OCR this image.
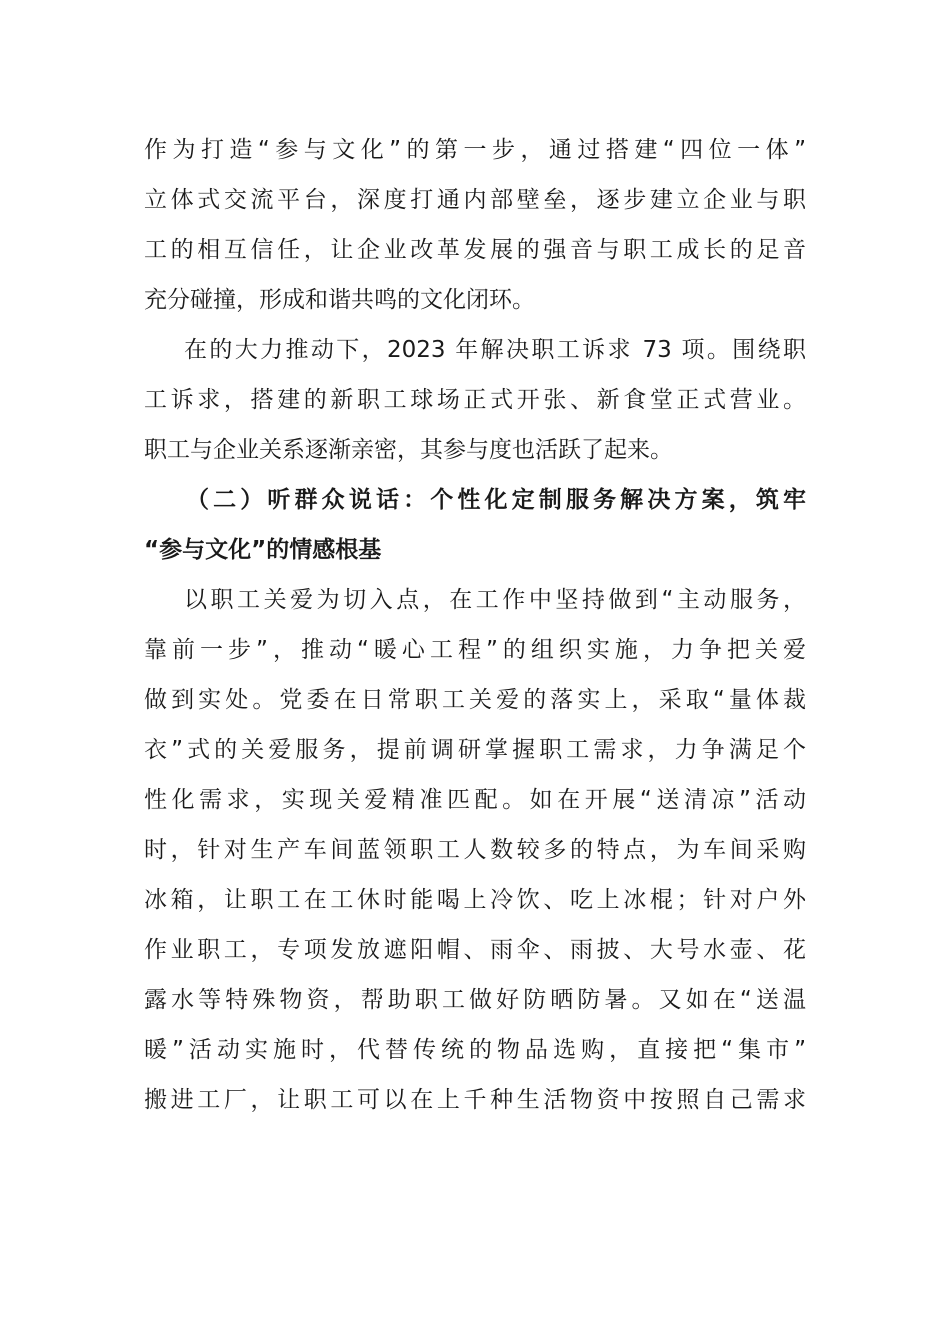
作为打造“参与文化”的第一步，通过搭建“四位一体”
立体式交流平台，深度打通内部壁垒，逐步建立企业与职
工的相互信任，让企业改革发展的强音与职工成长的足音
充分碰撞，形成和谐共鸣的文化闭环。
在的大力推动下，2023 年解决职工诉求 73 项。围绕职
工诉求，搭建的新职工球场正式开张、新食堂正式营业。
职工与企业关系逐渐亲密，其参与度也活跃了起来。
（二）听群众说话：个性化定制服务解决方案，筑牢
“参与文化”的情感根基
以职工关爱为切入点，在工作中坚持做到“主动服务，
靠前一步”，推动“暖心工程”的组织实施，力争把关爱
做到实处。党委在日常职工关爱的落实上，采取“量体裁
衣”式的关爱服务，提前调研掌握职工需求，力争满足个
性化需求，实现关爱精准匹配。如在开展“送清凉”活动
时，针对生产车间蓝领职工人数较多的特点，为车间采购
冰箱，让职工在工休时能喝上冷饮、吃上冰棍；针对户外
作业职工，专项发放遮阳帽、雨伞、雨披、大号水壶、花
露水等特殊物资，帮助职工做好防晒防暑。又如在“送温
暖”活动实施时，代替传统的物品选购，直接把“集市”
搬进工厂，让职工可以在上千种生活物资中按照自己需求
